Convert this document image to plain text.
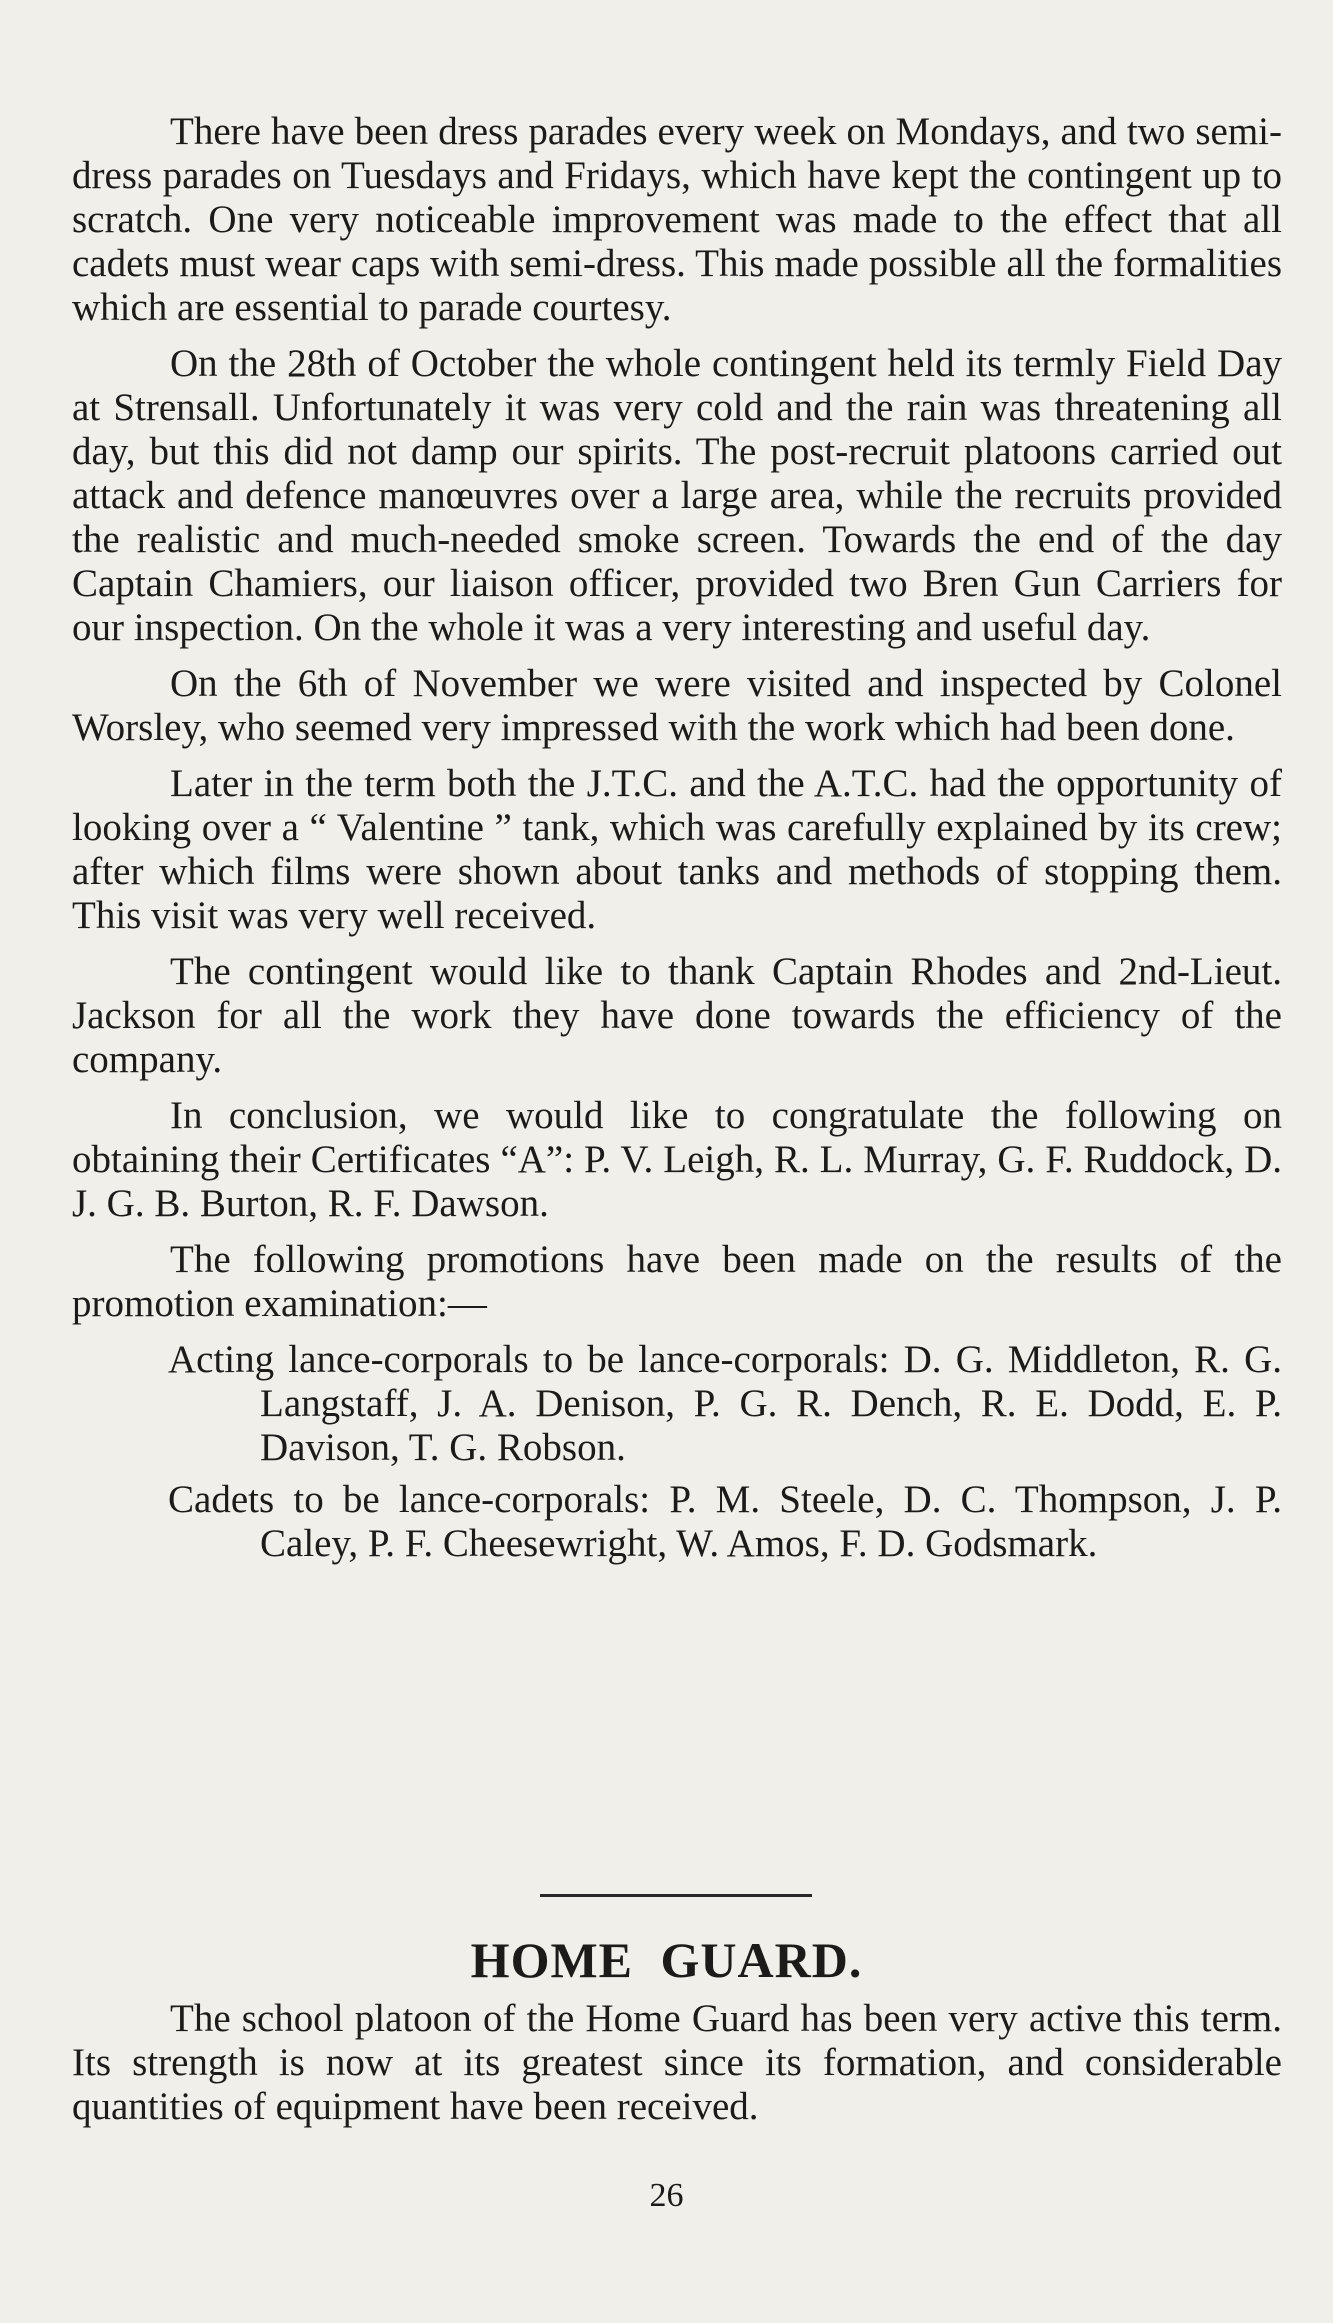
There have been dress parades every week on Mondays, and two semi-dress parades on Tuesdays and Fridays, which have kept the contingent up to scratch. One very noticeable improvement was made to the effect that all cadets must wear caps with semi-dress. This made possible all the formalities which are essential to parade courtesy.

On the 28th of October the whole contingent held its termly Field Day at Strensall. Unfortunately it was very cold and the rain was threatening all day, but this did not damp our spirits. The post-recruit platoons carried out attack and defence manœuvres over a large area, while the recruits provided the realistic and much-needed smoke screen. Towards the end of the day Captain Chamiers, our liaison officer, provided two Bren Gun Carriers for our inspection. On the whole it was a very interesting and useful day.

On the 6th of November we were visited and inspected by Colonel Worsley, who seemed very impressed with the work which had been done.

Later in the term both the J.T.C. and the A.T.C. had the opportunity of looking over a “ Valentine ” tank, which was carefully explained by its crew; after which films were shown about tanks and methods of stopping them. This visit was very well received.

The contingent would like to thank Captain Rhodes and 2nd-Lieut. Jackson for all the work they have done towards the efficiency of the company.

In conclusion, we would like to congratulate the following on obtaining their Certificates “A”: P. V. Leigh, R. L. Murray, G. F. Ruddock, D. J. G. B. Burton, R. F. Dawson.

The following promotions have been made on the results of the promotion examination:—

Acting lance-corporals to be lance-corporals: D. G. Middleton, R. G. Langstaff, J. A. Denison, P. G. R. Dench, R. E. Dodd, E. P. Davison, T. G. Robson.

Cadets to be lance-corporals: P. M. Steele, D. C. Thompson, J. P. Caley, P. F. Cheesewright, W. Amos, F. D. Godsmark.

HOME GUARD.

The school platoon of the Home Guard has been very active this term. Its strength is now at its greatest since its formation, and considerable quantities of equipment have been received.

26
